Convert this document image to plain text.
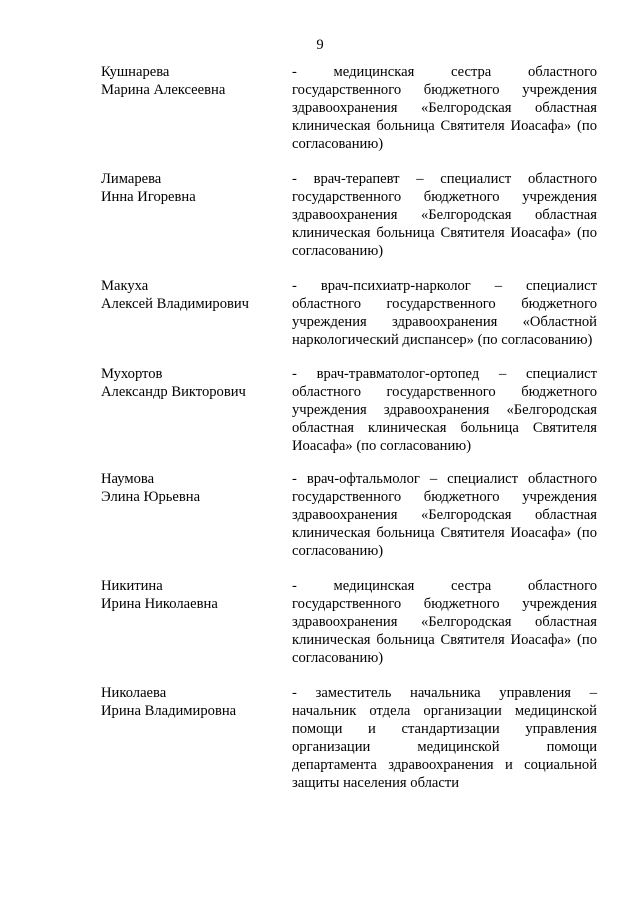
9
Кушнарева
Марина Алексеевна
- медицинская сестра областного государственного бюджетного учреждения здравоохранения «Белгородская областная клиническая больница Святителя Иоасафа» (по согласованию)
Лимарева
Инна Игоревна
- врач-терапевт – специалист областного государственного бюджетного учреждения здравоохранения «Белгородская областная клиническая больница Святителя Иоасафа» (по согласованию)
Макуха
Алексей Владимирович
- врач-психиатр-нарколог – специалист областного государственного бюджетного учреждения здравоохранения «Областной наркологический диспансер» (по согласованию)
Мухортов
Александр Викторович
- врач-травматолог-ортопед – специалист областного государственного бюджетного учреждения здравоохранения «Белгородская областная клиническая больница Святителя Иоасафа» (по согласованию)
Наумова
Элина Юрьевна
- врач-офтальмолог – специалист областного государственного бюджетного учреждения здравоохранения «Белгородская областная клиническая больница Святителя Иоасафа» (по согласованию)
Никитина
Ирина Николаевна
- медицинская сестра областного государственного бюджетного учреждения здравоохранения «Белгородская областная клиническая больница Святителя Иоасафа» (по согласованию)
Николаева
Ирина Владимировна
- заместитель начальника управления – начальник отдела организации медицинской помощи и стандартизации управления организации медицинской помощи департамента здравоохранения и социальной защиты населения области
